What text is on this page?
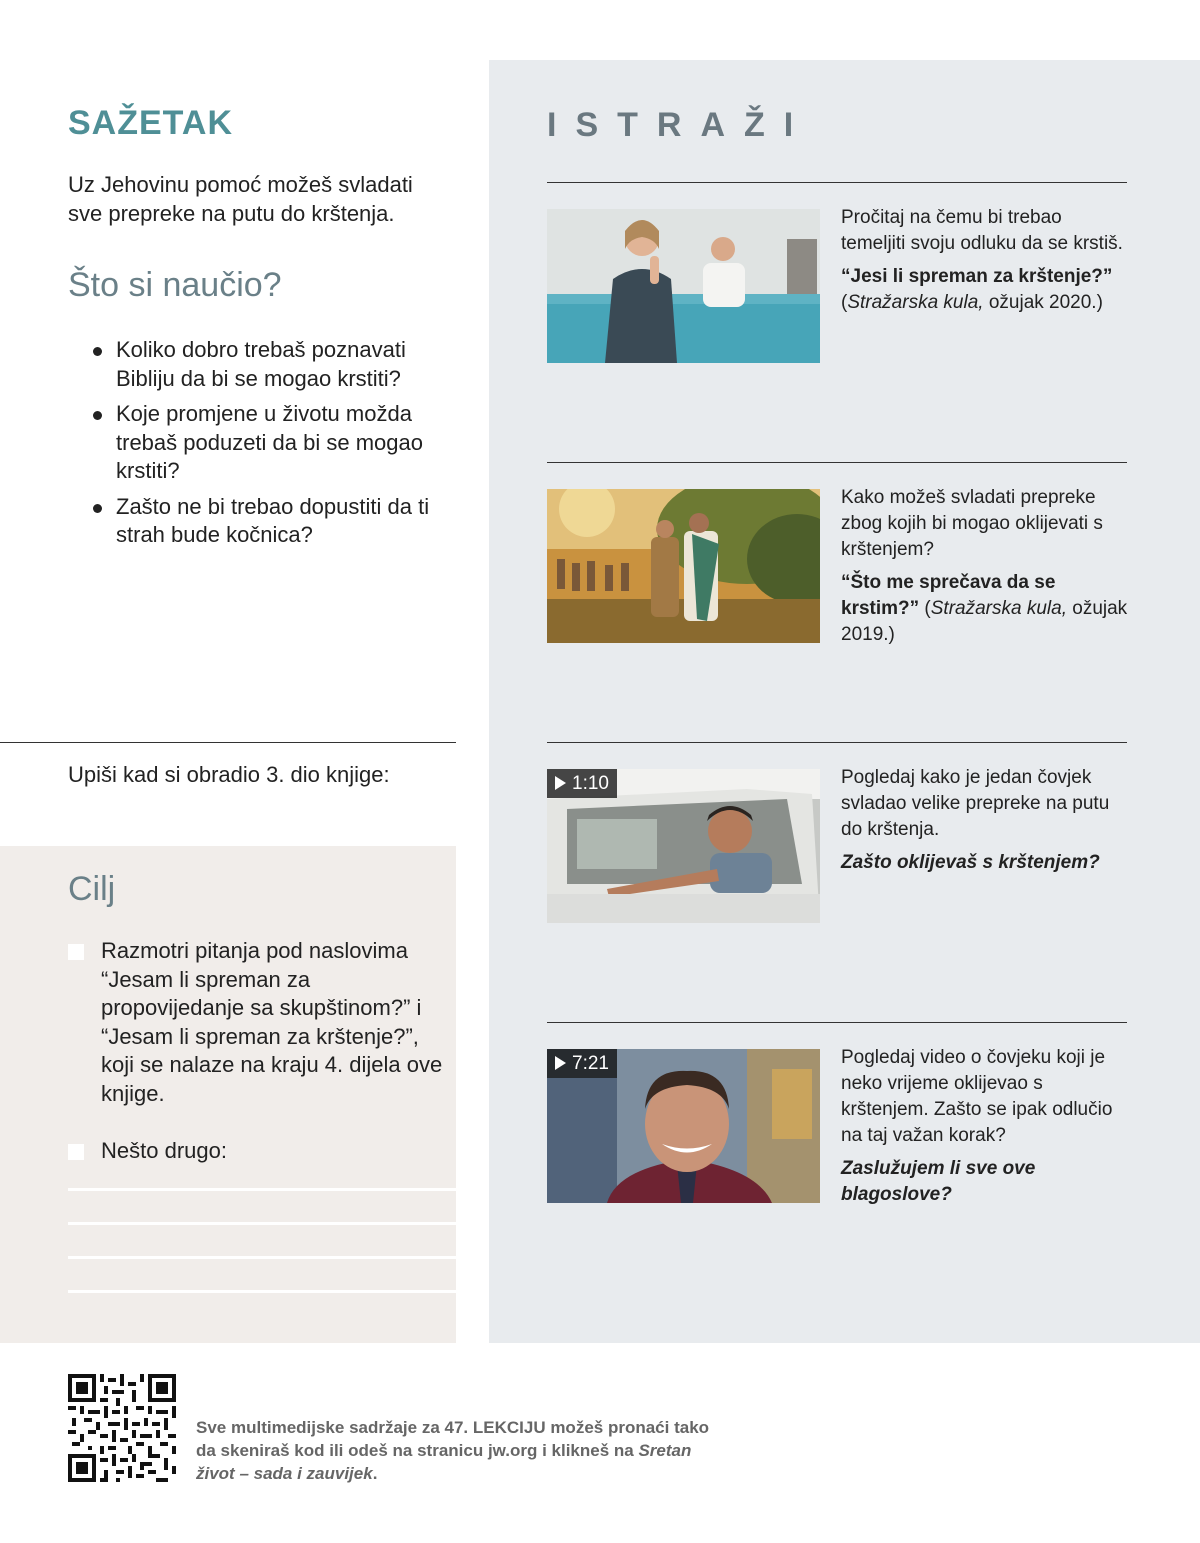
SAŽETAK
Uz Jehovinu pomoć možeš svladati sve prepreke na putu do krštenja.
Što si naučio?
Koliko dobro trebaš poznavati Bibliju da bi se mogao krstiti?
Koje promjene u životu možda trebaš poduzeti da bi se mogao krstiti?
Zašto ne bi trebao dopustiti da ti strah bude kočnica?
Upiši kad si obradio 3. dio knjige:
Cilj
Razmotri pitanja pod naslovima “Jesam li spreman za propovijedanje sa skupštinom?” i “Jesam li spreman za krštenje?”, koji se nalaze na kraju 4. dijela ove knjige.
Nešto drugo:
ISTRAŽI
Pročitaj na čemu bi trebao temeljiti svoju odluku da se krstiš.
“Jesi li spreman za krštenje?” (Stražarska kula, ožujak 2020.)
Kako možeš svladati prepreke zbog kojih bi mogao oklijevati s krštenjem?
“Što me sprečava da se krstim?” (Stražarska kula, ožujak 2019.)
1:10	Pogledaj kako je jedan čovjek svladao velike prepreke na putu do krštenja.
Zašto oklijevaš s krštenjem?
7:21	Pogledaj video o čovjeku koji je neko vrijeme oklijevao s krštenjem. Zašto se ipak odlučio na taj važan korak?
Zaslužujem li sve ove blagoslove?
Sve multimedijske sadržaje za 47. LEKCIJU možeš pronaći tako da skeniraš kod ili odeš na stranicu jw.org i klikneš na Sretan život – sada i zauvijek.
